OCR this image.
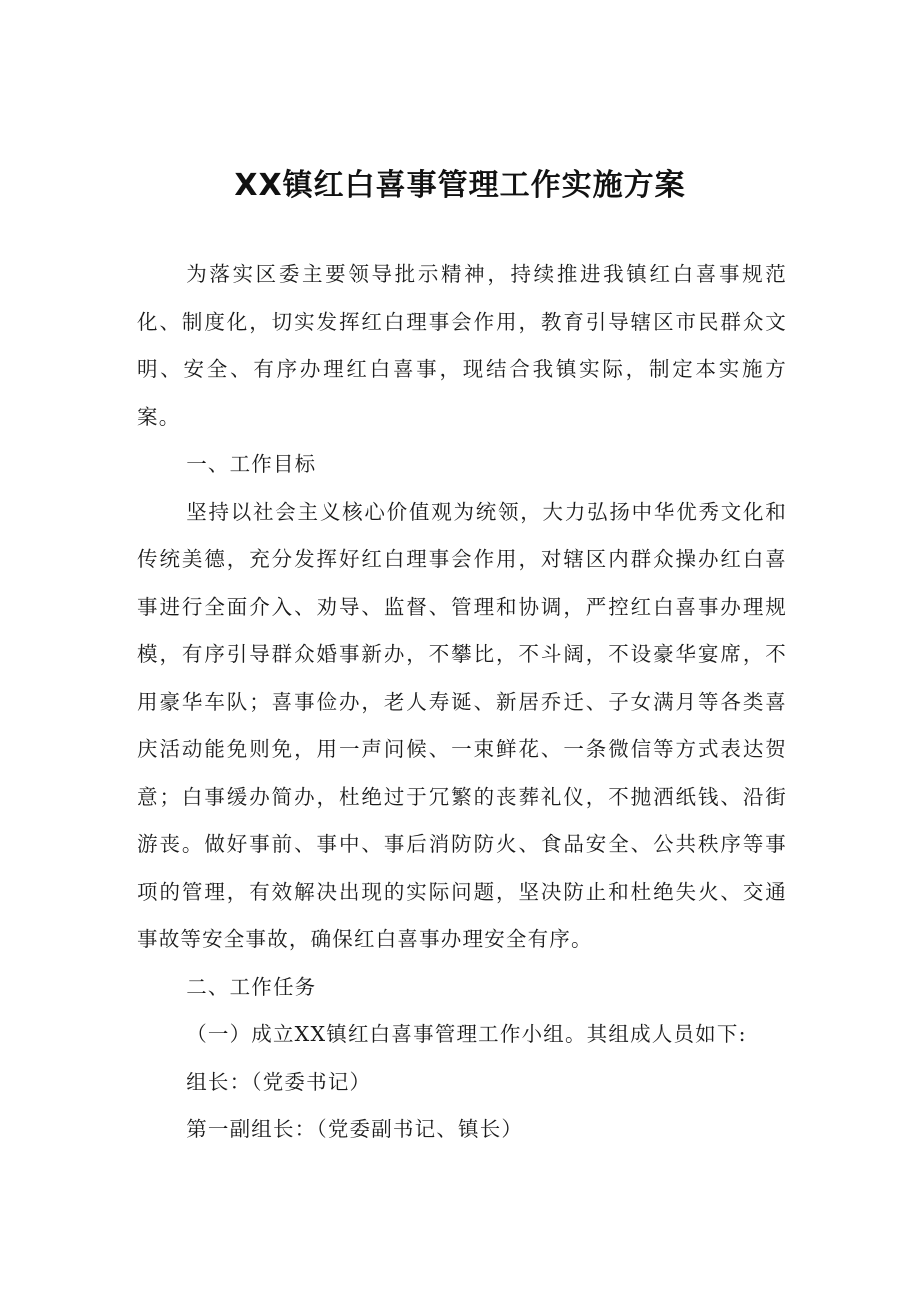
XX镇红白喜事管理工作实施方案

为落实区委主要领导批示精神，持续推进我镇红白喜事规范化、制度化，切实发挥红白理事会作用，教育引导辖区市民群众文明、安全、有序办理红白喜事，现结合我镇实际，制定本实施方案。

一、工作目标

坚持以社会主义核心价值观为统领，大力弘扬中华优秀文化和传统美德，充分发挥好红白理事会作用，对辖区内群众操办红白喜事进行全面介入、劝导、监督、管理和协调，严控红白喜事办理规模，有序引导群众婚事新办，不攀比，不斗阔，不设豪华宴席，不用豪华车队；喜事俭办，老人寿诞、新居乔迁、子女满月等各类喜庆活动能免则免，用一声问候、一束鲜花、一条微信等方式表达贺意；白事缓办简办，杜绝过于冗繁的丧葬礼仪，不抛洒纸钱、沿街游丧。做好事前、事中、事后消防防火、食品安全、公共秩序等事项的管理，有效解决出现的实际问题，坚决防止和杜绝失火、交通事故等安全事故，确保红白喜事办理安全有序。

二、工作任务

（一）成立XX镇红白喜事管理工作小组。其组成人员如下:

组长：（党委书记）

第一副组长：（党委副书记、镇长）
